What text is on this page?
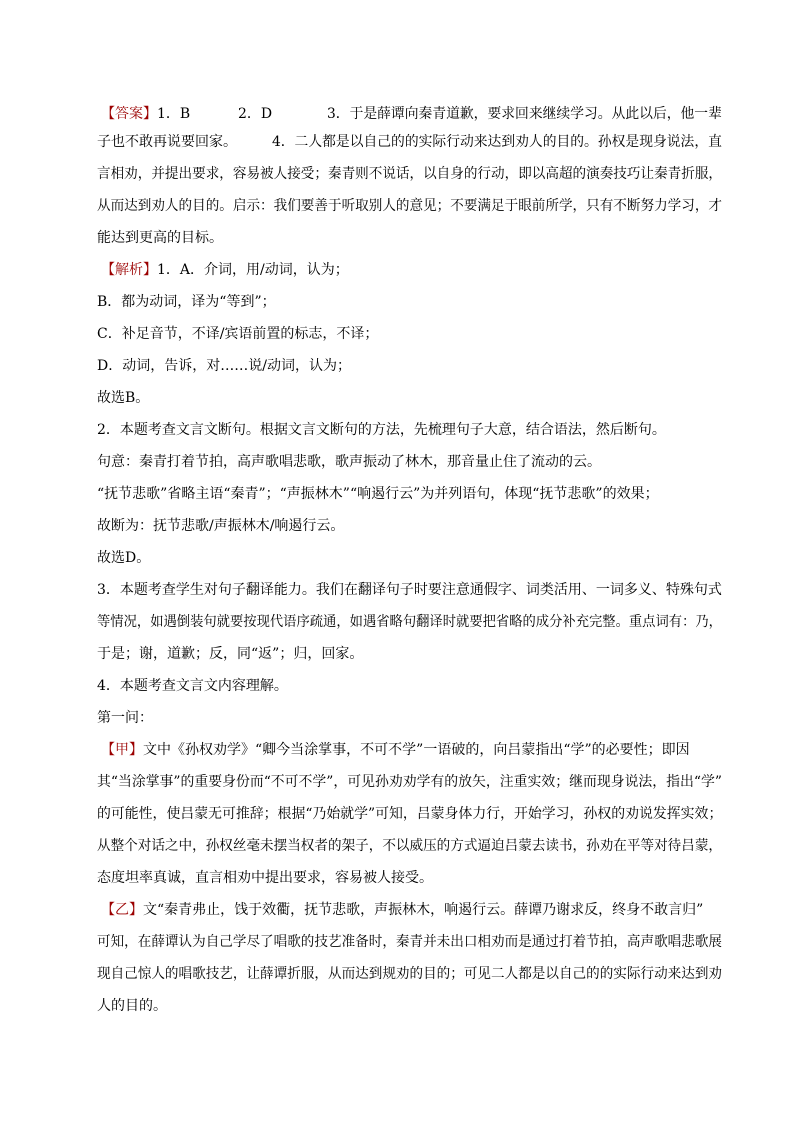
【答案】1．B	2．D	3．于是薛谭向秦青道歉，要求回来继续学习。从此以后，他一辈
子也不敢再说要回家。	4．二人都是以自己的的实际行动来达到劝人的目的。孙权是现身说法，直
言相劝，并提出要求，容易被人接受；秦青则不说话，以自身的行动，即以高超的演奏技巧让秦青折服，
从而达到劝人的目的。启示：我们要善于听取别人的意见；不要满足于眼前所学，只有不断努力学习，才
能达到更高的目标。
【解析】1．A．介词，用/动词，认为；
B．都为动词，译为“等到”；
C．补足音节，不译/宾语前置的标志，不译；
D．动词，告诉，对……说/动词，认为；
故选B。
2．本题考查文言文断句。根据文言文断句的方法，先梳理句子大意，结合语法，然后断句。
句意：秦青打着节拍，高声歌唱悲歌，歌声振动了林木，那音量止住了流动的云。
“抚节悲歌”省略主语“秦青”；“声振林木”“响遏行云”为并列语句，体现“抚节悲歌”的效果；
故断为：抚节悲歌/声振林木/响遏行云。
故选D。
3．本题考查学生对句子翻译能力。我们在翻译句子时要注意通假字、词类活用、一词多义、特殊句式
等情况，如遇倒装句就要按现代语序疏通，如遇省略句翻译时就要把省略的成分补充完整。重点词有：乃，
于是；谢，道歉；反，同“返”；归，回家。
4．本题考查文言文内容理解。
第一问：
【甲】文中《孙权劝学》“卿今当涂掌事，不可不学”一语破的，向吕蒙指出“学”的必要性；即因
其“当涂掌事”的重要身份而“不可不学”，可见孙劝劝学有的放矢，注重实效；继而现身说法，指出“学”
的可能性，使吕蒙无可推辞；根据“乃始就学”可知，吕蒙身体力行，开始学习，孙权的劝说发挥实效；
从整个对话之中，孙权丝毫未摆当权者的架子，不以威压的方式逼迫吕蒙去读书，孙劝在平等对待吕蒙，
态度坦率真诚，直言相劝中提出要求，容易被人接受。
【乙】文“秦青弗止，饯于效衢，抚节悲歌，声振林木，响遏行云。薛谭乃谢求反，终身不敢言归”
可知，在薛谭认为自己学尽了唱歌的技艺准备时，秦青并未出口相劝而是通过打着节拍，高声歌唱悲歌展
现自己惊人的唱歌技艺，让薛谭折服，从而达到规劝的目的；可见二人都是以自己的的实际行动来达到劝
人的目的。
